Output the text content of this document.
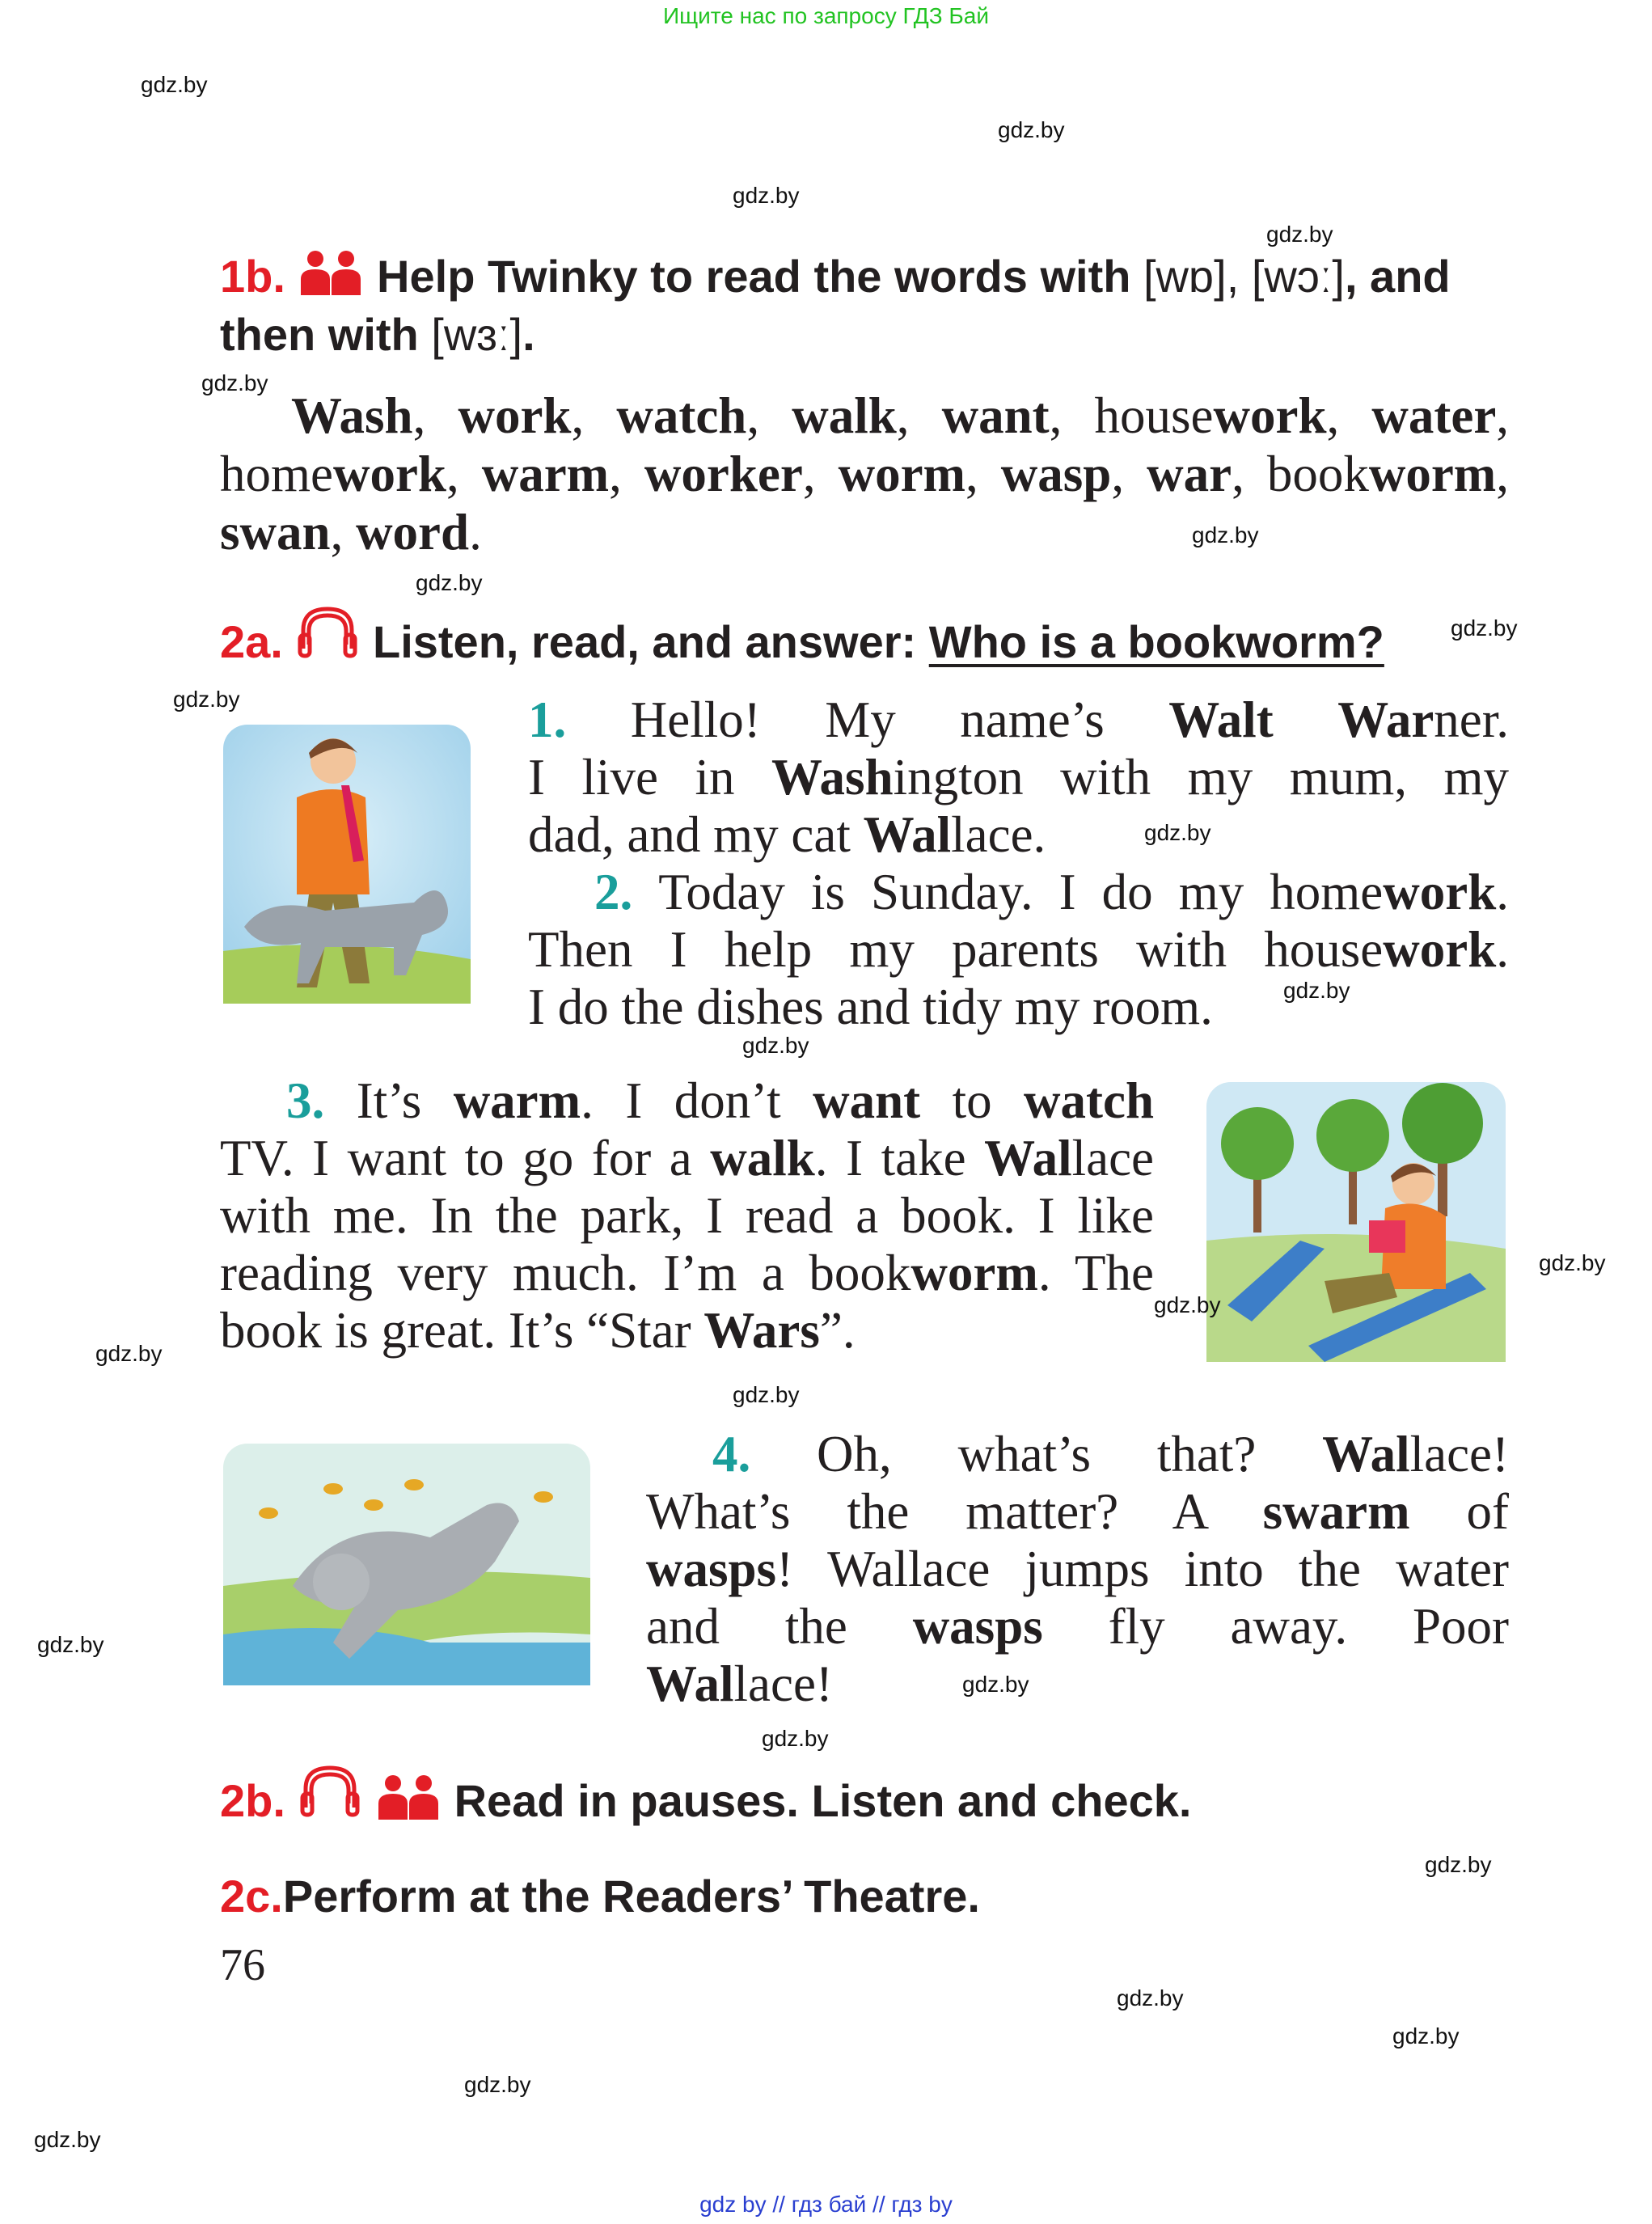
Ищите нас по запросу ГДЗ Бай
gdz.by
gdz.by
gdz.by
gdz.by
gdz.by
gdz.by
gdz.by
gdz.by
gdz.by
gdz.by
gdz.by
gdz.by
gdz.by
gdz.by
gdz.by
gdz.by
gdz.by
gdz.by
gdz.by
gdz.by
gdz.by
gdz.by
gdz.by
gdz.by
1b. Help Twinky to read the words with [wɒ], [wɔː], and
then with [wɜː].
Wash, work, watch, walk, want, housework, water,
homework, warm, worker, worm, wasp, war, bookworm,
swan, word.
2a. Listen, read, and answer: Who is a bookworm?
1. Hello! My name’s Walt Warner.
I live in Washington with my mum, my
dad, and my cat Wallace.
2. Today is Sunday. I do my homework.
Then I help my parents with housework.
I do the dishes and tidy my room.
3. It’s warm. I don’t want to watch
TV. I want to go for a walk. I take Wallace
with me. In the park, I read a book. I like
reading very much. I’m a bookworm. The
book is great. It’s “Star Wars”.
4. Oh, what’s that? Wallace!
What’s the matter? A swarm of
wasps! Wallace jumps into the water
and the wasps fly away. Poor
Wallace!
2b.	Read in pauses. Listen and check.
2c.Perform at the Readers’ Theatre.
76
gdz by // гдз бай // гдз by
